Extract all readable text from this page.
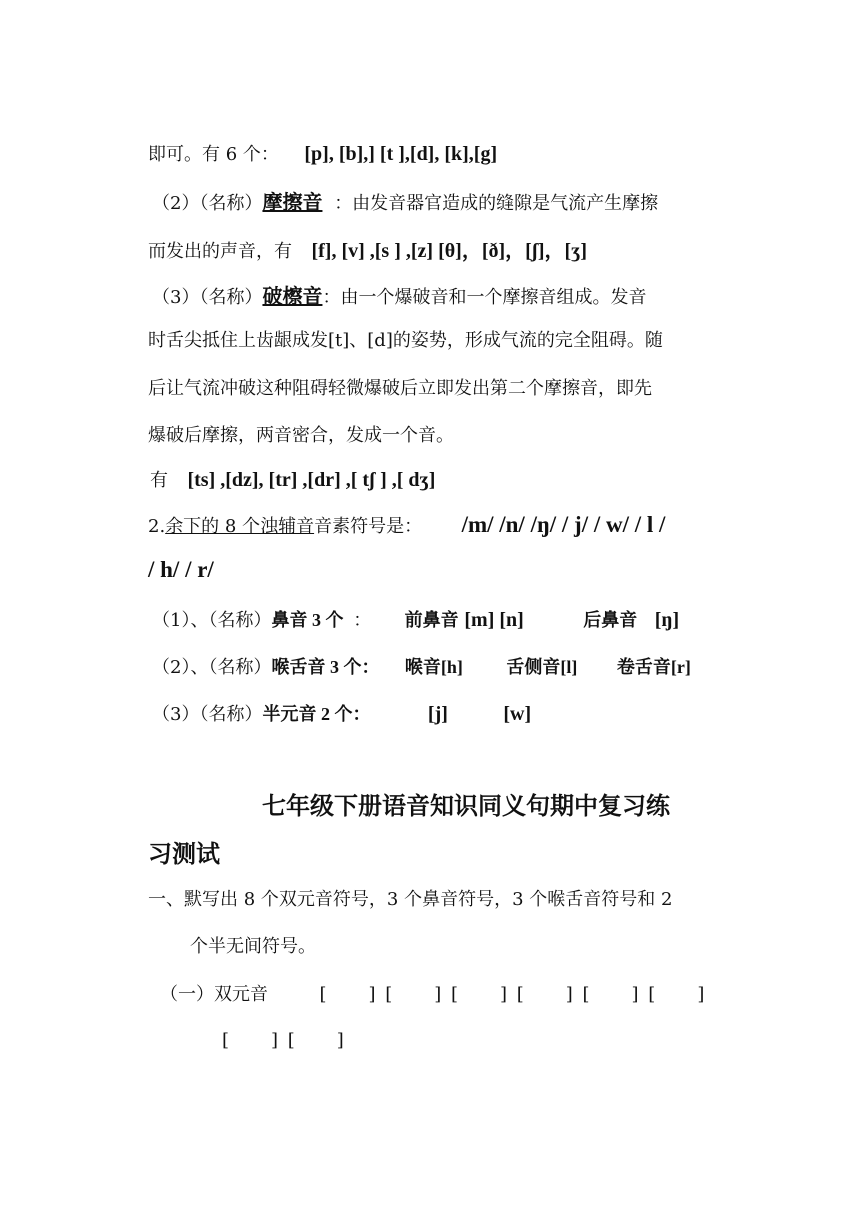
即可。有 6 个： [p], [b],] [t ],[d], [k],[g]
（2）（名称）摩擦音 ：由发音器官造成的缝隙是气流产生摩擦
而发出的声音，有 [f], [v] ,[s ] ,[z] [θ]，[ð]，[ʃ]，[ʒ]
（3）（名称）破檫音：由一个爆破音和一个摩擦音组成。发音
时舌尖抵住上齿龈成发[t]、[d]的姿势，形成气流的完全阻碍。随
后让气流冲破这种阻碍轻微爆破后立即发出第二个摩擦音，即先
爆破后摩擦，两音密合，发成一个音。
有 [ts] ,[dz], [tr] ,[dr] ,[ tʃ ] ,[ dʒ]
2.余下的 8 个浊辅音音素符号是： /m/ /n/ /ŋ/ / j/ / w/ / l /
/ h/ / r/
（1）、（名称）鼻音 3 个 ： 前鼻音 [m] [n]	后鼻音 [ŋ]
（2）、（名称）喉舌音 3 个： 喉音[h] 舌侧音[l] 卷舌音[r]
（3）（名称）半元音 2 个：	[j]	[w]
七年级下册语音知识同义句期中复习练
习测试
一、默写出 8 个双元音符号，3 个鼻音符号，3 个喉舌音符号和 2
个半无间符号。
（一）双元音	[　　] [　　] [　　] [　　] [　　] [　　]
[　　] [　　]
